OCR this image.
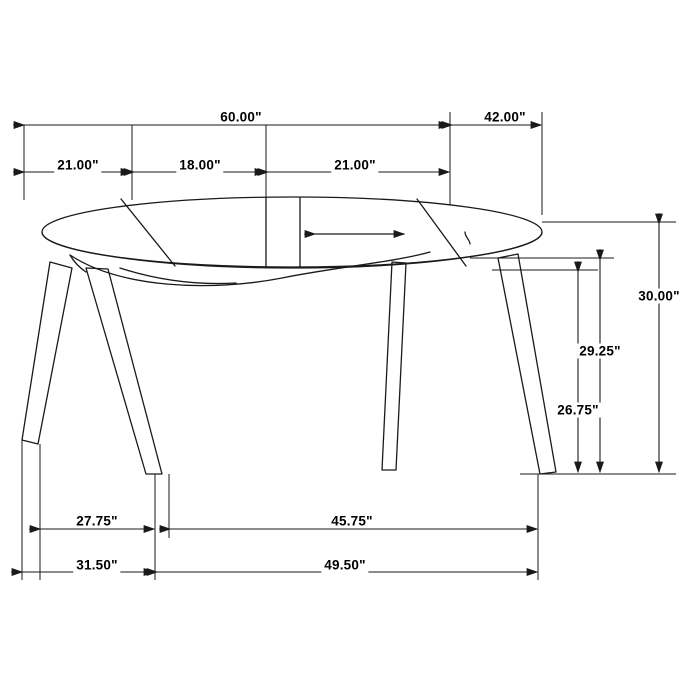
60.00"	42.00"
21.00"	18.00"	21.00"
30.00"
29.25"
26.75"
27.75"	45.75"
31.50"	49.50"
